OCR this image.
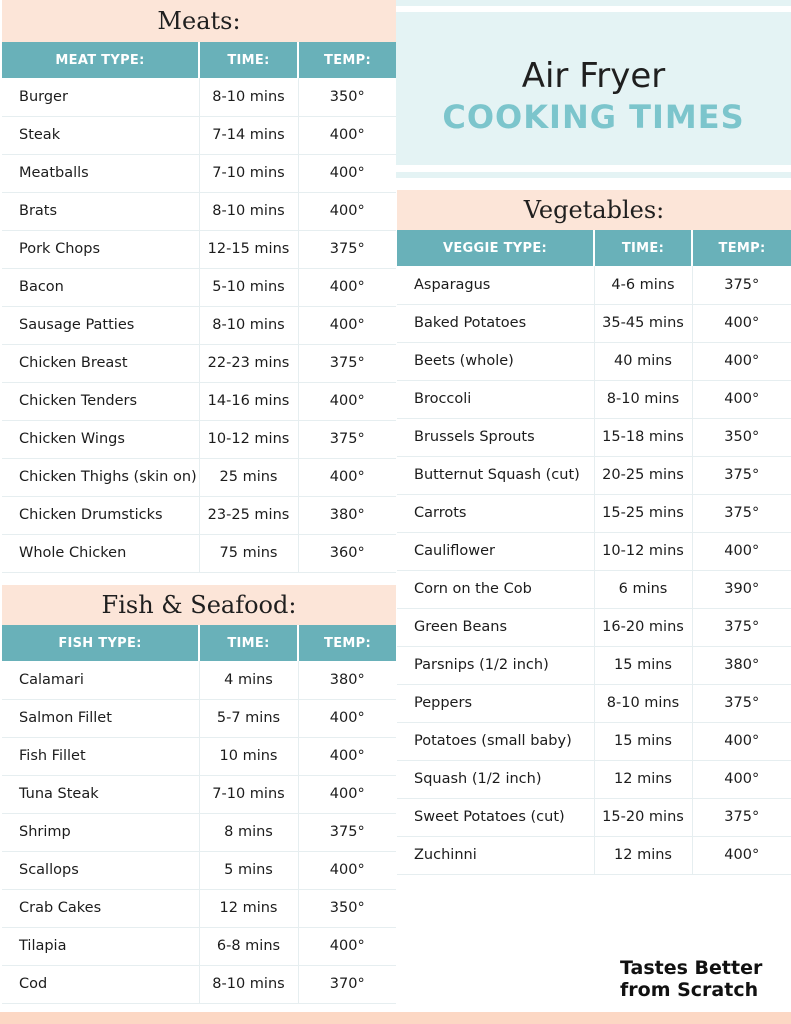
Meats:
MEAT TYPE:	TIME:	TEMP:
Burger	8-10 mins	350°
Steak	7-14 mins	400°
Meatballs	7-10 mins	400°
Brats	8-10 mins	400°
Pork Chops	12-15 mins	375°
Bacon	5-10 mins	400°
Sausage Patties	8-10 mins	400°
Chicken Breast	22-23 mins	375°
Chicken Tenders	14-16 mins	400°
Chicken Wings	10-12 mins	375°
Chicken Thighs (skin on)	25 mins	400°
Chicken Drumsticks	23-25 mins	380°
Whole Chicken	75 mins	360°
Fish & Seafood:
FISH TYPE:	TIME:	TEMP:
Calamari	4 mins	380°
Salmon Fillet	5-7 mins	400°
Fish Fillet	10 mins	400°
Tuna Steak	7-10 mins	400°
Shrimp	8 mins	375°
Scallops	5 mins	400°
Crab Cakes	12 mins	350°
Tilapia	6-8 mins	400°
Cod	8-10 mins	370°
Air Fryer
COOKING TIMES
Vegetables:
VEGGIE TYPE:	TIME:	TEMP:
Asparagus	4-6 mins	375°
Baked Potatoes	35-45 mins	400°
Beets (whole)	40 mins	400°
Broccoli	8-10 mins	400°
Brussels Sprouts	15-18 mins	350°
Butternut Squash (cut)	20-25 mins	375°
Carrots	15-25 mins	375°
Cauliflower	10-12 mins	400°
Corn on the Cob	6 mins	390°
Green Beans	16-20 mins	375°
Parsnips (1/2 inch)	15 mins	380°
Peppers	8-10 mins	375°
Potatoes (small baby)	15 mins	400°
Squash (1/2 inch)	12 mins	400°
Sweet Potatoes (cut)	15-20 mins	375°
Zuchinni	12 mins	400°
Tastes Better
from Scratch
